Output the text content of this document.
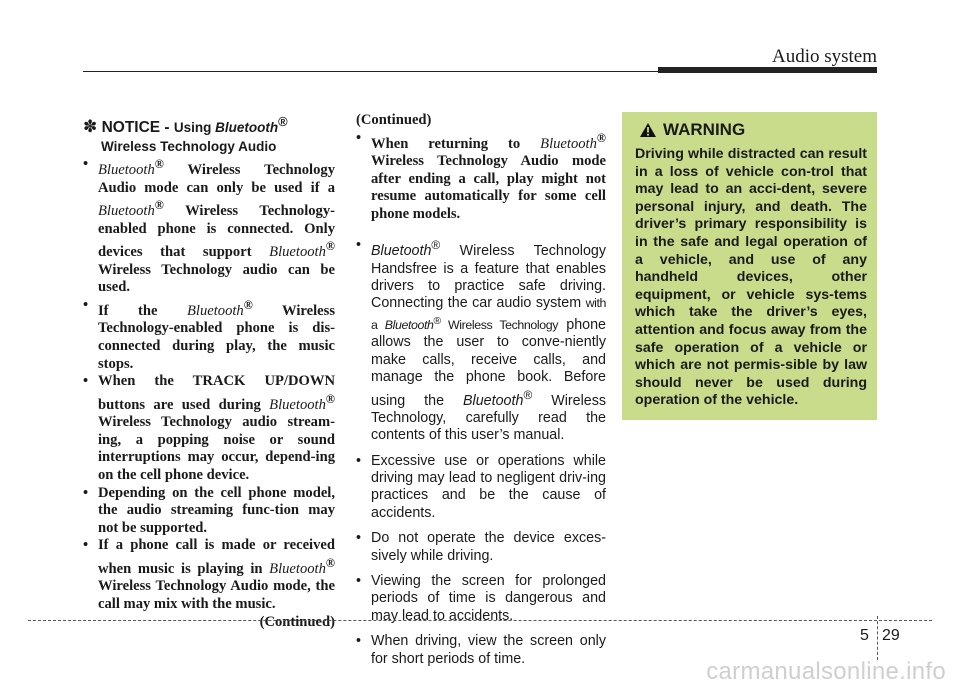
Audio system
✽ NOTICE - Using Bluetooth®
Wireless Technology Audio
• Bluetooth® Wireless Technology Audio mode can only be used if a Bluetooth® Wireless Technology-enabled phone is connected. Only devices that support Bluetooth® Wireless Technology audio can be used.
• If the Bluetooth® Wireless Technology-enabled phone is dis-connected during play, the music stops.
• When the TRACK UP/DOWN buttons are used during Bluetooth® Wireless Technology audio stream-ing, a popping noise or sound interruptions may occur, depend-ing on the cell phone device.
• Depending on the cell phone model, the audio streaming func-tion may not be supported.
• If a phone call is made or received when music is playing in Bluetooth® Wireless Technology Audio mode, the call may mix with the music.
(Continued)
(Continued)
• When returning to Bluetooth® Wireless Technology Audio mode after ending a call, play might not resume automatically for some cell phone models.
• Bluetooth® Wireless Technology Handsfree is a feature that enables drivers to practice safe driving. Connecting the car audio system with a Bluetooth® Wireless Technology phone allows the user to conve-niently make calls, receive calls, and manage the phone book. Before using the Bluetooth® Wireless Technology, carefully read the contents of this user’s manual.
• Excessive use or operations while driving may lead to negligent driv-ing practices and be the cause of accidents.
• Do not operate the device exces-sively while driving.
• Viewing the screen for prolonged periods of time is dangerous and may lead to accidents.
• When driving, view the screen only for short periods of time.
WARNING
Driving while distracted can result in a loss of vehicle con-trol that may lead to an acci-dent, severe personal injury, and death. The driver’s primary responsibility is in the safe and legal operation of a vehicle, and use of any handheld devices, other equipment, or vehicle sys-tems which take the driver’s eyes, attention and focus away from the safe operation of a vehicle or which are not permis-sible by law should never be used during operation of the vehicle.
5 29
carmanualsonline.info
